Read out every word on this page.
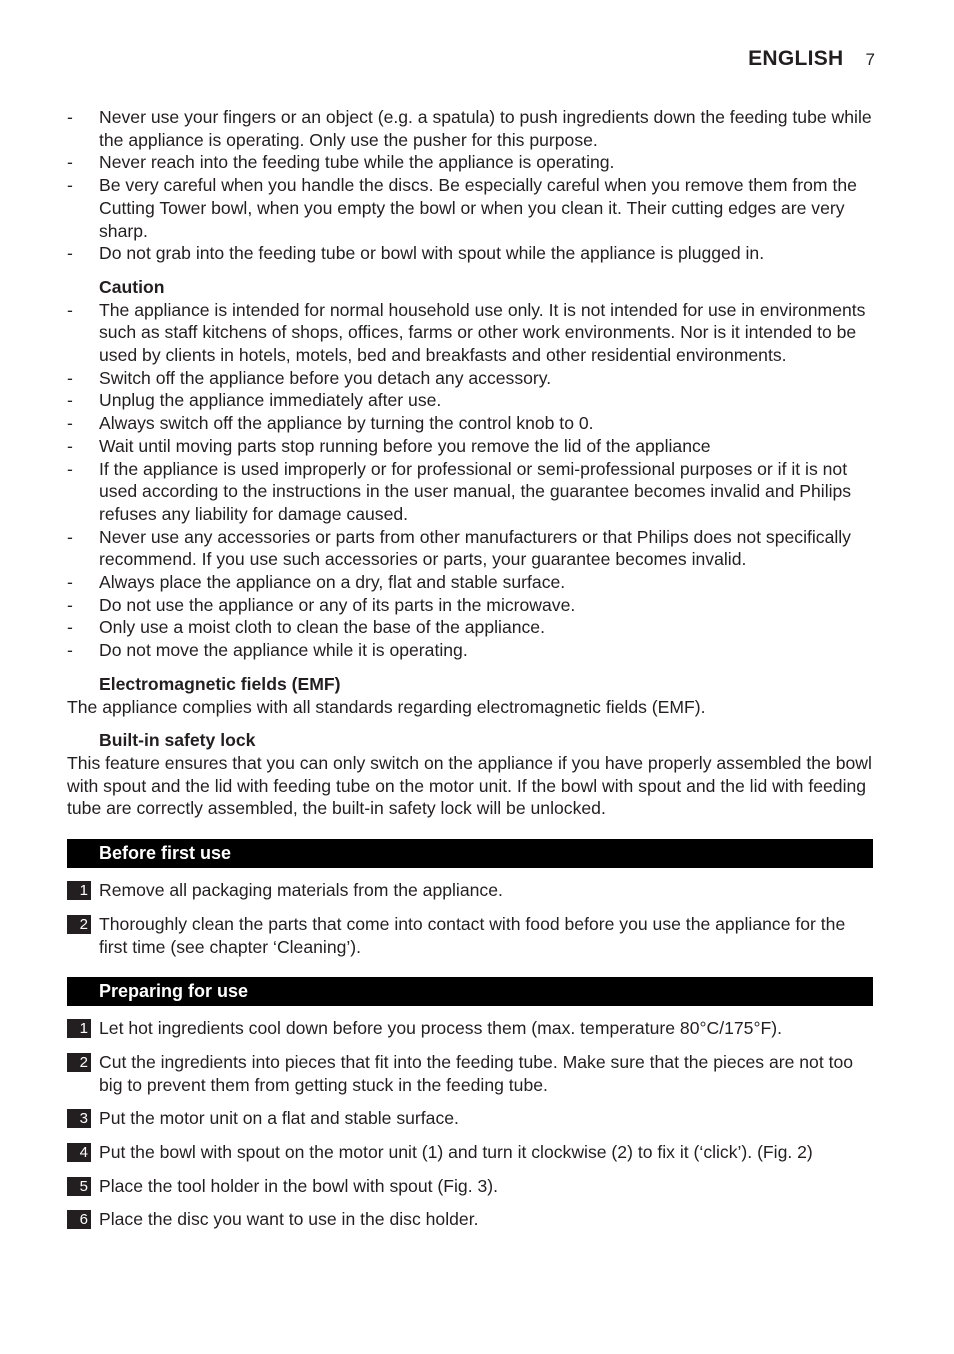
ENGLISH 7
- Never use your fingers or an object (e.g. a spatula) to push ingredients down the feeding tube while the appliance is operating. Only use the pusher for this purpose.
- Never reach into the feeding tube while the appliance is operating.
- Be very careful when you handle the discs. Be especially careful when you remove them from the Cutting Tower bowl, when you empty the bowl or when you clean it. Their cutting edges are very sharp.
- Do not grab into the feeding tube or bowl with spout while the appliance is plugged in.
Caution
- The appliance is intended for normal household use only. It is not intended for use in environments such as staff kitchens of shops, offices, farms or other work environments. Nor is it intended to be used by clients in hotels, motels, bed and breakfasts and other residential environments.
- Switch off the appliance before you detach any accessory.
- Unplug the appliance immediately after use.
- Always switch off the appliance by turning the control knob to 0.
- Wait until moving parts stop running before you remove the lid of the appliance
- If the appliance is used improperly or for professional or semi-professional purposes or if it is not used according to the instructions in the user manual, the guarantee becomes invalid and Philips refuses any liability for damage caused.
- Never use any accessories or parts from other manufacturers or that Philips does not specifically recommend. If you use such accessories or parts, your guarantee becomes invalid.
- Always place the appliance on a dry, flat and stable surface.
- Do not use the appliance or any of its parts in the microwave.
- Only use a moist cloth to clean the base of the appliance.
- Do not move the appliance while it is operating.
Electromagnetic fields (EMF)
The appliance complies with all standards regarding electromagnetic fields (EMF).
Built-in safety lock
This feature ensures that you can only switch on the appliance if you have properly assembled the bowl with spout and the lid with feeding tube on the motor unit. If the bowl with spout and the lid with feeding tube are correctly assembled, the built-in safety lock will be unlocked.
Before first use
1 Remove all packaging materials from the appliance.
2 Thoroughly clean the parts that come into contact with food before you use the appliance for the first time (see chapter ‘Cleaning’).
Preparing for use
1 Let hot ingredients cool down before you process them (max. temperature 80°C/175°F).
2 Cut the ingredients into pieces that fit into the feeding tube. Make sure that the pieces are not too big to prevent them from getting stuck in the feeding tube.
3 Put the motor unit on a flat and stable surface.
4 Put the bowl with spout on the motor unit (1) and turn it clockwise (2) to fix it (‘click’). (Fig. 2)
5 Place the tool holder in the bowl with spout (Fig. 3).
6 Place the disc you want to use in the disc holder.
